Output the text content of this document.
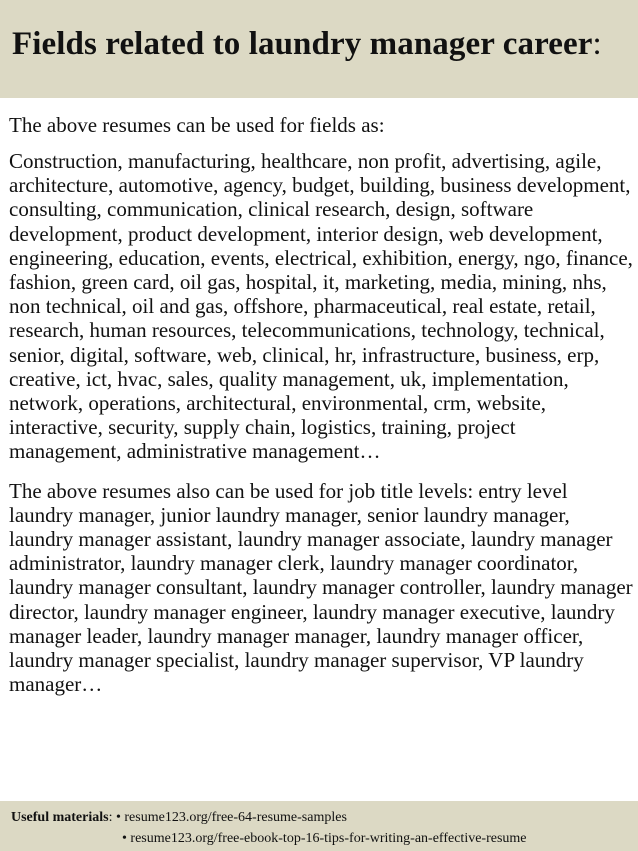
Fields related to laundry manager career:

The above resumes can be used for fields as:

Construction, manufacturing, healthcare, non profit, advertising, agile, architecture, automotive, agency, budget, building, business development, consulting, communication, clinical research, design, software development, product development, interior design, web development, engineering, education, events, electrical, exhibition, energy, ngo, finance, fashion, green card, oil gas, hospital, it, marketing, media, mining, nhs, non technical, oil and gas, offshore, pharmaceutical, real estate, retail, research, human resources, telecommunications, technology, technical, senior, digital, software, web, clinical, hr, infrastructure, business, erp, creative, ict, hvac, sales, quality management, uk, implementation, network, operations, architectural, environmental, crm, website, interactive, security, supply chain, logistics, training, project management, administrative management…

The above resumes also can be used for job title levels: entry level laundry manager, junior laundry manager, senior laundry manager, laundry manager assistant, laundry manager associate, laundry manager administrator, laundry manager clerk, laundry manager coordinator, laundry manager consultant, laundry manager controller, laundry manager director, laundry manager engineer, laundry manager executive, laundry manager leader, laundry manager manager, laundry manager officer, laundry manager specialist, laundry manager supervisor, VP laundry manager…

Useful materials: • resume123.org/free-64-resume-samples
• resume123.org/free-ebook-top-16-tips-for-writing-an-effective-resume
